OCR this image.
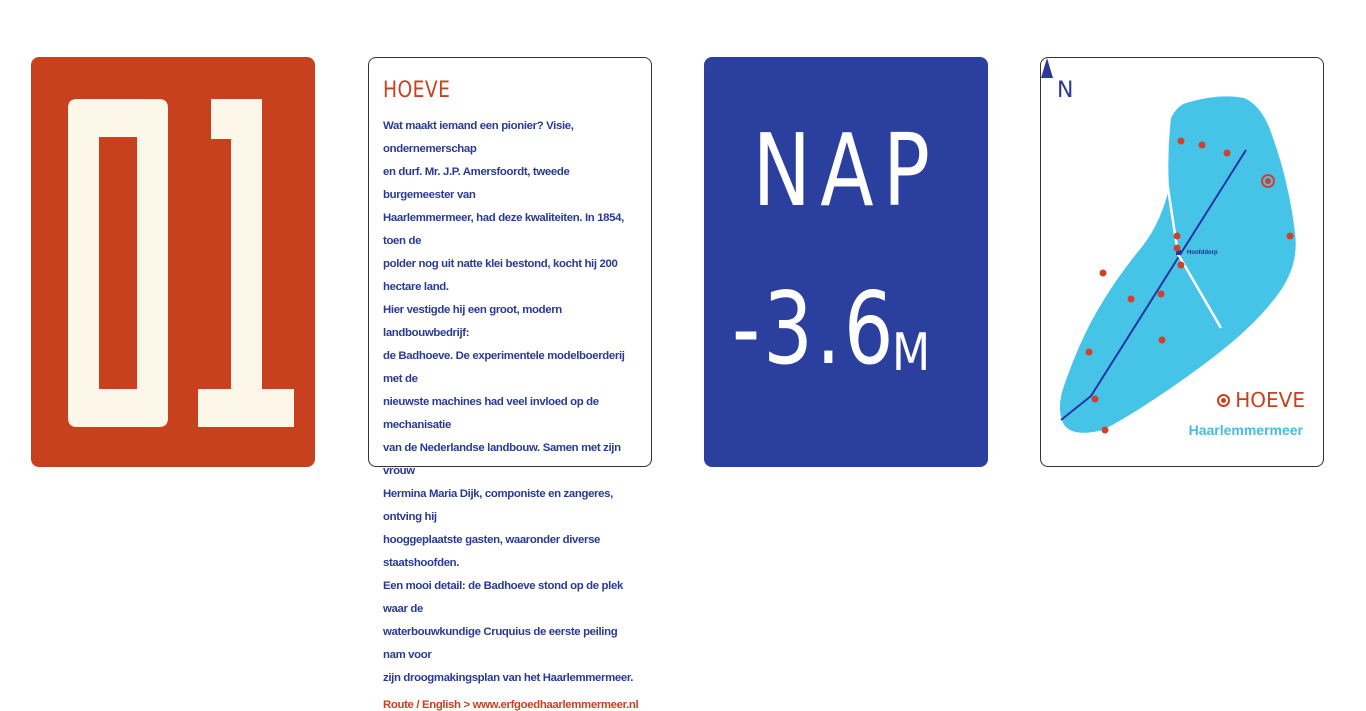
01
HOEVE

Wat maakt iemand een pionier? Visie, ondernemerschap
en durf. Mr. J.P. Amersfoordt, tweede burgemeester van
Haarlemmermeer, had deze kwaliteiten. In 1854, toen de
polder nog uit natte klei bestond, kocht hij 200 hectare land.
Hier vestigde hij een groot, modern landbouwbedrijf:
de Badhoeve. De experimentele modelboerderij met de
nieuwste machines had veel invloed op de mechanisatie
van de Nederlandse landbouw. Samen met zijn vrouw
Hermina Maria Dijk, componiste en zangeres, ontving hij
hooggeplaatste gasten, waaronder diverse staatshoofden.
Een mooi detail: de Badhoeve stond op de plek waar de
waterbouwkundige Cruquius de eerste peiling nam voor
zijn droogmakingsplan van het Haarlemmermeer.

Route / English > www.erfgoedhaarlemmermeer.nl
NAP
-3.6
M
N
Hoofddorp
HOEVE
Haarlemmermeer
